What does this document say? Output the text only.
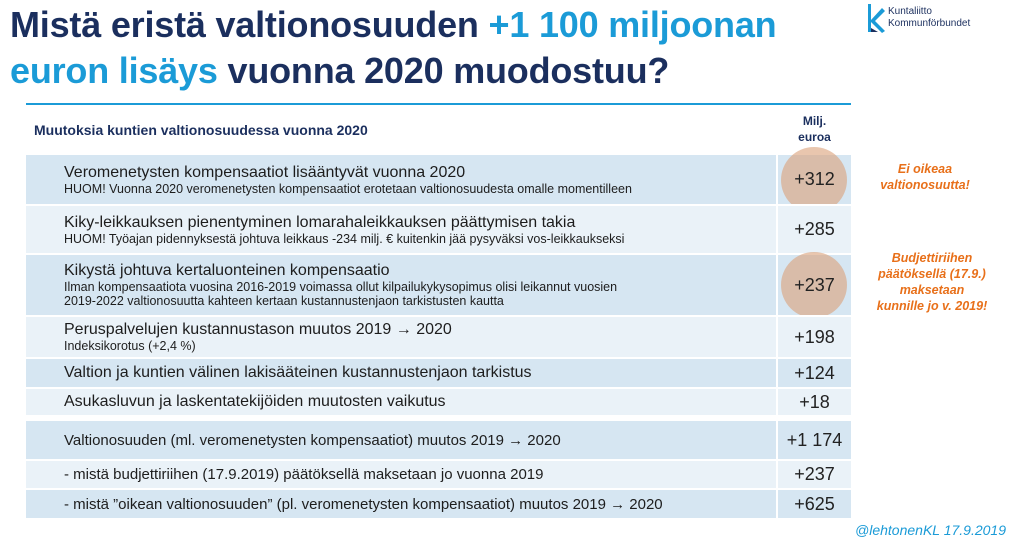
Mistä eristä valtionosuuden +1 100 miljoonan
euron lisäys vuonna 2020 muodostuu?
Kuntaliitto
Kommunförbundet
Muutoksia kuntien valtionosuudessa vuonna 2020
Milj.
euroa
Veromenetysten kompensaatiot lisääntyvät vuonna 2020
HUOM! Vuonna 2020 veromenetysten kompensaatiot erotetaan valtionosuudesta omalle momentilleen	+312
Kiky-leikkauksen pienentyminen lomarahaleikkauksen päättymisen takia
HUOM! Työajan pidennyksestä johtuva leikkaus -234 milj. € kuitenkin jää pysyväksi vos-leikkaukseksi	+285
Kikystä johtuva kertaluonteinen kompensaatio
Ilman kompensaatiota vuosina 2016-2019 voimassa ollut kilpailukykysopimus olisi leikannut vuosien
2019-2022 valtionosuutta kahteen kertaan kustannustenjaon tarkistusten kautta
+237
Peruspalvelujen kustannustason muutos 2019 → 2020
Indeksikorotus (+2,4 %)	+198
Valtion ja kuntien välinen lakisääteinen kustannustenjaon tarkistus	+124
Asukasluvun ja laskentatekijöiden muutosten vaikutus	+18
Valtionosuuden (ml. veromenetysten kompensaatiot) muutos 2019 → 2020	+1 174
- mistä budjettiriihen (17.9.2019) päätöksellä maksetaan jo vuonna 2019	+237
- mistä ”oikean valtionosuuden” (pl. veromenetysten kompensaatiot) muutos 2019 → 2020	+625
Ei oikeaa
valtionosuutta!
Budjettiriihen
päätöksellä (17.9.)
maksetaan
kunnille jo v. 2019!
@lehtonenKL 17.9.2019
